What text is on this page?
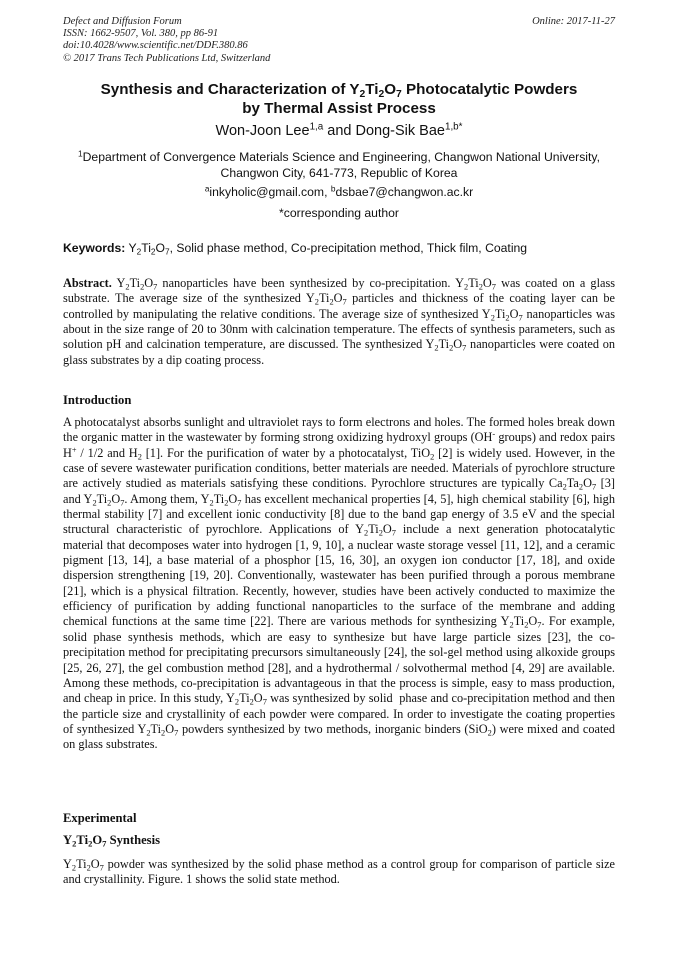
Defect and Diffusion Forum
ISSN: 1662-9507, Vol. 380, pp 86-91
doi:10.4028/www.scientific.net/DDF.380.86
© 2017 Trans Tech Publications Ltd, Switzerland
Online: 2017-11-27
Synthesis and Characterization of $Y_2Ti_2O_7$ Photocatalytic Powders
by Thermal Assist Process
Won-Joon Lee$^{1,a}$ and Dong-Sik Bae$^{1,b*}$
$^1$Department of Convergence Materials Science and Engineering, Changwon National University, Changwon City, 641-773, Republic of Korea
$^a$inkyholic@gmail.com, $^b$dsbae7@changwon.ac.kr
*corresponding author
Keywords: $Y_2Ti_2O_7$, Solid phase method, Co-precipitation method, Thick film, Coating
Abstract. $Y_2Ti_2O_7$ nanoparticles have been synthesized by co-precipitation. $Y_2Ti_2O_7$ was coated on a glass substrate. The average size of the synthesized $Y_2Ti_2O_7$ particles and thickness of the coating layer can be controlled by manipulating the relative conditions. The average size of synthesized $Y_2Ti_2O_7$ nanoparticles was about in the size range of 20 to 30nm with calcination temperature. The effects of synthesis parameters, such as solution pH and calcination temperature, are discussed. The synthesized $Y_2Ti_2O_7$ nanoparticles were coated on glass substrates by a dip coating process.
Introduction
A photocatalyst absorbs sunlight and ultraviolet rays to form electrons and holes. The formed holes break down the organic matter in the wastewater by forming strong oxidizing hydroxyl groups (OH- groups) and redox pairs H+ / 1/2 and $H_2$ [1]. For the purification of water by a photocatalyst, TiO$_2$ [2] is widely used. However, in the case of severe wastewater purification conditions, better materials are needed. Materials of pyrochlore structure are actively studied as materials satisfying these conditions. Pyrochlore structures are typically $Ca_2Ta_2O_7$ [3] and $Y_2Ti_2O_7$. Among them, $Y_2Ti_2O_7$ has excellent mechanical properties [4, 5], high chemical stability [6], high thermal stability [7] and excellent ionic conductivity [8] due to the band gap energy of 3.5 eV and the special structural characteristic of pyrochlore. Applications of $Y_2Ti_2O_7$ include a next generation photocatalytic material that decomposes water into hydrogen [1, 9, 10], a nuclear waste storage vessel [11, 12], and a ceramic pigment [13, 14], a base material of a phosphor [15, 16, 30], an oxygen ion conductor [17, 18], and oxide dispersion strengthening [19, 20]. Conventionally, wastewater has been purified through a porous membrane [21], which is a physical filtration. Recently, however, studies have been actively conducted to maximize the efficiency of purification by adding functional nanoparticles to the surface of the membrane and adding chemical functions at the same time [22]. There are various methods for synthesizing $Y_2Ti_2O_7$. For example, solid phase synthesis methods, which are easy to synthesize but have large particle sizes [23], the co-precipitation method for precipitating precursors simultaneously [24], the sol-gel method using alkoxide groups [25, 26, 27], the gel combustion method [28], and a hydrothermal / solvothermal method [4, 29] are available. Among these methods, co-precipitation is advantageous in that the process is simple, easy to mass production, and cheap in price. In this study, $Y_2Ti_2O_7$ was synthesized by solid  phase and co-precipitation method and then the particle size and crystallinity of each powder were compared. In order to investigate the coating properties of synthesized $Y_2Ti_2O_7$ powders synthesized by two methods, inorganic binders (SiO$_2$) were mixed and coated on glass substrates.
Experimental
$Y_2Ti_2O_7$ Synthesis
$Y_2Ti_2O_7$ powder was synthesized by the solid phase method as a control group for comparison of particle size and crystallinity. Figure. 1 shows the solid state method.
